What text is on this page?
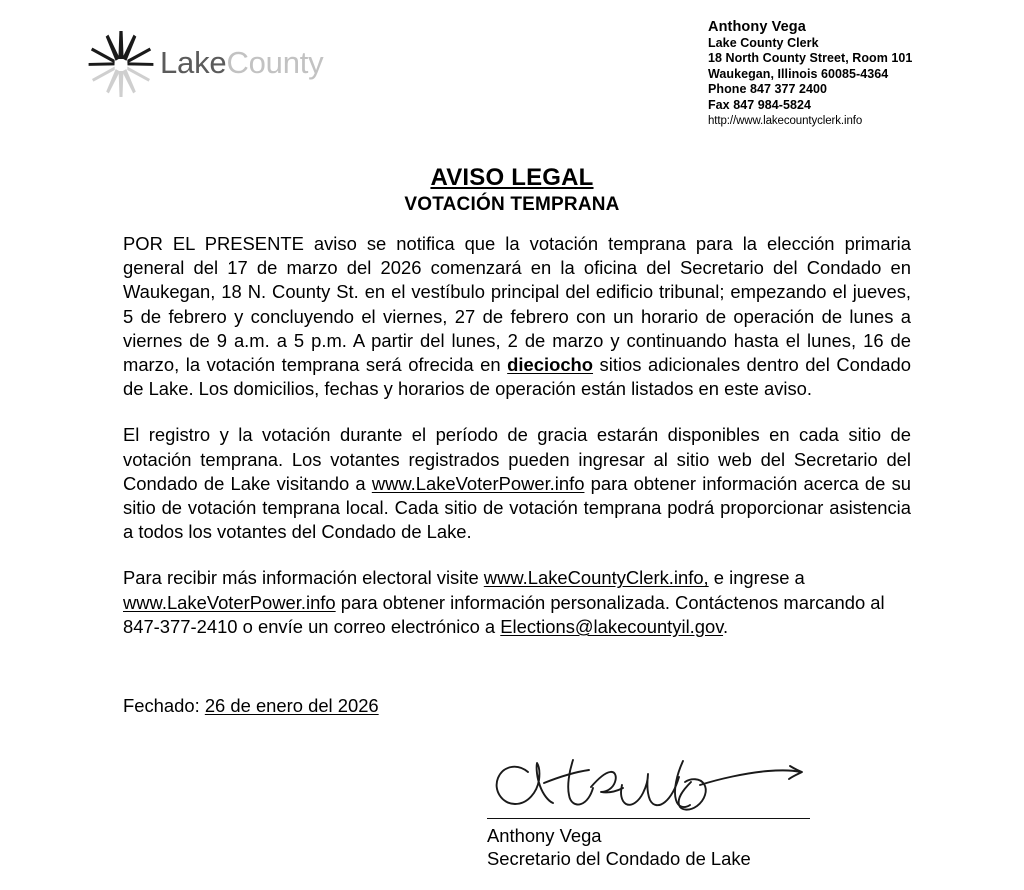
LakeCounty
Anthony Vega
Lake County Clerk
18 North County Street, Room 101
Waukegan, Illinois 60085-4364
Phone 847 377 2400
Fax 847 984-5824
http://www.lakecountyclerk.info
AVISO LEGAL
VOTACIÓN TEMPRANA

POR EL PRESENTE aviso se notifica que la votación temprana para la elección primaria general del 17 de marzo del 2026 comenzará en la oficina del Secretario del Condado en Waukegan, 18 N. County St. en el vestíbulo principal del edificio tribunal; empezando el jueves, 5 de febrero y concluyendo el viernes, 27 de febrero con un horario de operación de lunes a viernes de 9 a.m. a 5 p.m. A partir del lunes, 2 de marzo y continuando hasta el lunes, 16 de marzo, la votación temprana será ofrecida en dieciocho sitios adicionales dentro del Condado de Lake. Los domicilios, fechas y horarios de operación están listados en este aviso.

El registro y la votación durante el período de gracia estarán disponibles en cada sitio de votación temprana. Los votantes registrados pueden ingresar al sitio web del Secretario del Condado de Lake visitando a www.LakeVoterPower.info para obtener información acerca de su sitio de votación temprana local. Cada sitio de votación temprana podrá proporcionar asistencia a todos los votantes del Condado de Lake.

Para recibir más información electoral visite www.LakeCountyClerk.info, e ingrese a www.LakeVoterPower.info para obtener información personalizada. Contáctenos marcando al 847-377-2410 o envíe un correo electrónico a Elections@lakecountyil.gov.

Fechado: 26 de enero del 2026
Anthony Vega
Secretario del Condado de Lake
